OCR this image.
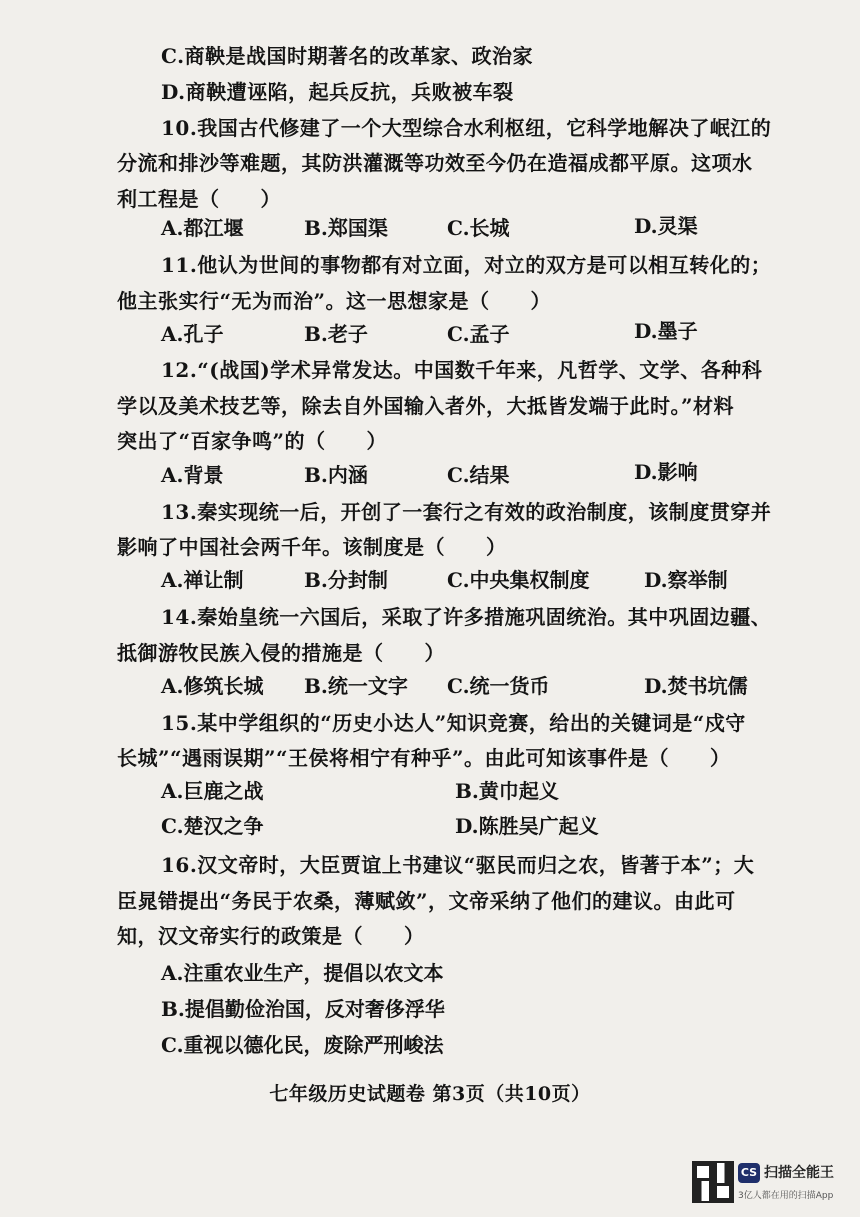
C.商鞅是战国时期著名的改革家、政治家
D.商鞅遭诬陷，起兵反抗，兵败被车裂
10.我国古代修建了一个大型综合水利枢纽，它科学地解决了岷江的
分流和排沙等难题，其防洪灌溉等功效至今仍在造福成都平原。这项水
利工程是（　　）
A.都江堰	B.郑国渠	C.长城	D.灵渠
11.他认为世间的事物都有对立面，对立的双方是可以相互转化的；
他主张实行“无为而治”。这一思想家是（　　）
A.孔子	B.老子	C.孟子	D.墨子
12.“(战国)学术异常发达。中国数千年来，凡哲学、文学、各种科
学以及美术技艺等，除去自外国输入者外，大抵皆发端于此时。”材料
突出了“百家争鸣”的（　　）
A.背景	B.内涵	C.结果	D.影响
13.秦实现统一后，开创了一套行之有效的政治制度，该制度贯穿并
影响了中国社会两千年。该制度是（　　）
A.禅让制	B.分封制	C.中央集权制度	D.察举制
14.秦始皇统一六国后，采取了许多措施巩固统治。其中巩固边疆、
抵御游牧民族入侵的措施是（　　）
A.修筑长城 B.统一文字 C.统一货币	D.焚书坑儒
15.某中学组织的“历史小达人”知识竞赛，给出的关键词是“戍守
长城”“遇雨误期”“王侯将相宁有种乎”。由此可知该事件是（　　）
A.巨鹿之战	B.黄巾起义
C.楚汉之争	D.陈胜吴广起义
16.汉文帝时，大臣贾谊上书建议“驱民而归之农，皆著于本”；大
臣晁错提出“务民于农桑，薄赋敛”，文帝采纳了他们的建议。由此可
知，汉文帝实行的政策是（　　）
A.注重农业生产，提倡以农文本
B.提倡勤俭治国，反对奢侈浮华
C.重视以德化民，废除严刑峻法
七年级历史试题卷 第3页（共10页）
CS 扫描全能王
3亿人都在用的扫描App
